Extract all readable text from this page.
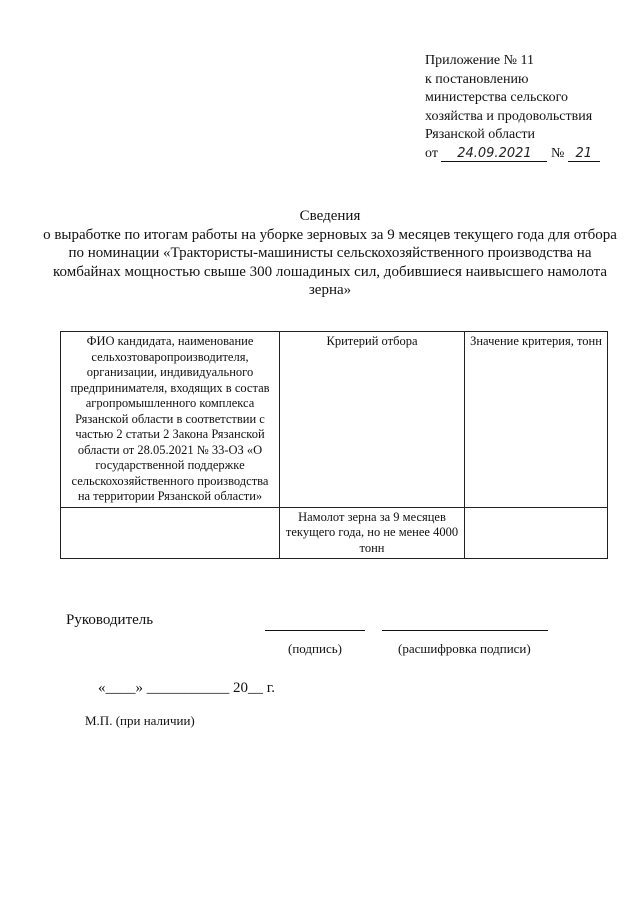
Приложение № 11
к постановлению
министерства сельского
хозяйства и продовольствия
Рязанской области
от 24.09.2021 № 21
Сведения
о выработке по итогам работы на уборке зерновых за 9 месяцев текущего года для отбора по номинации «Трактористы-машинисты сельскохозяйственного производства на комбайнах мощностью свыше 300 лошадиных сил, добившиеся наивысшего намолота зерна»
ФИО кандидата, наименование сельхозтоваропроизводителя, организации, индивидуального предпринимателя, входящих в состав агропромышленного комплекса Рязанской области в соответствии с частью 2 статьи 2 Закона Рязанской области от 28.05.2021 № 33-ОЗ «О государственной поддержке сельскохозяйственного производства на территории Рязанской области»	Критерий отбора	Значение критерия, тонн
	Намолот зерна за 9 месяцев текущего года, но не менее 4000 тонн	
Руководитель
(подпись)	(расшифровка подписи)
«____» ___________ 20__ г.
М.П. (при наличии)
